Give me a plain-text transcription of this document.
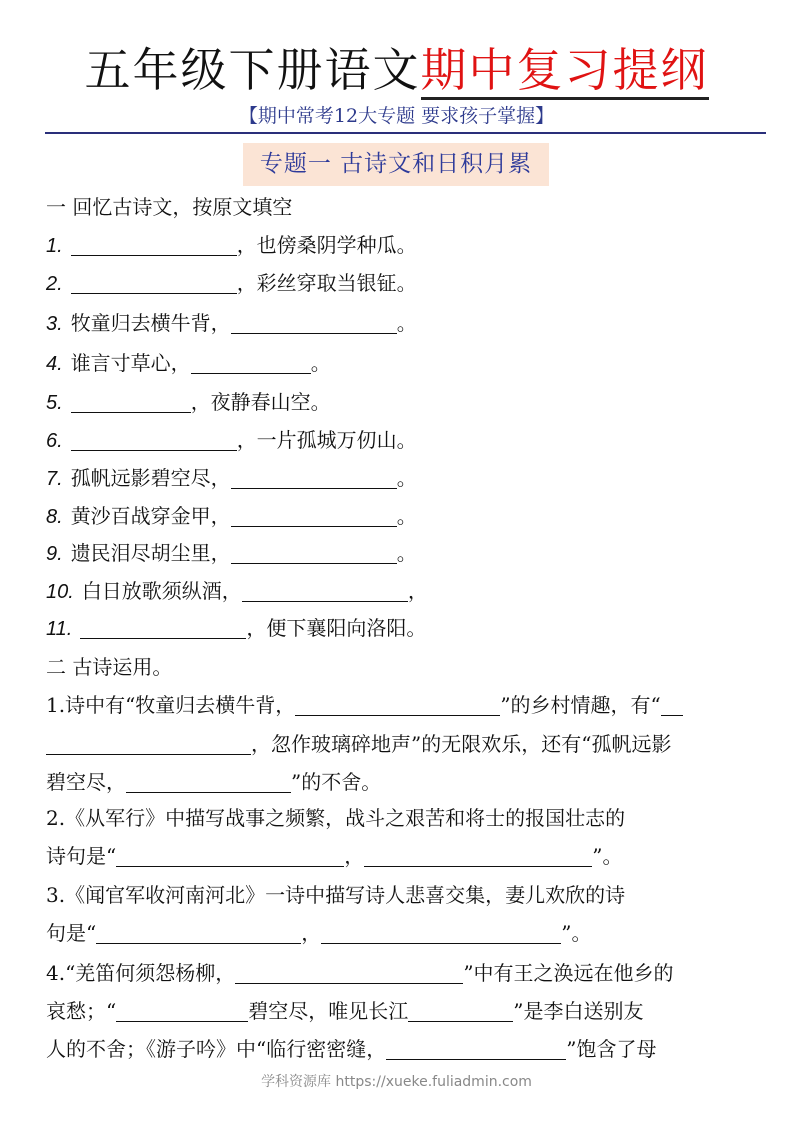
五年级下册语文期中复习提纲
【期中常考12大专题 要求孩子掌握】
专题一 古诗文和日积月累
一 回忆古诗文，按原文填空
1.	，也傍桑阴学种瓜。
2.	，彩丝穿取当银钲。
3. 牧童归去横牛背，	。
4. 谁言寸草心，	。
5.	，夜静春山空。
6.	，一片孤城万仞山。
7. 孤帆远影碧空尽，	。
8. 黄沙百战穿金甲，	。
9. 遗民泪尽胡尘里，	。
10. 白日放歌须纵酒，	，
11.	，便下襄阳向洛阳。
二 古诗运用。
1.诗中有“牧童归去横牛背，	”的乡村情趣，有“
，忽作玻璃碎地声”的无限欢乐，还有“孤帆远影
碧空尽，	”的不舍。
2.《从军行》中描写战事之频繁，战斗之艰苦和将士的报国壮志的
诗句是“	，	”。
3.《闻官军收河南河北》一诗中描写诗人悲喜交集，妻儿欢欣的诗
句是“	，	”。
4.“羌笛何须怨杨柳，	”中有王之涣远在他乡的
哀愁；“	碧空尽，唯见长江	”是李白送别友
人的不舍；《游子吟》中“临行密密缝，	”饱含了母
学科资源库 https://xueke.fuliadmin.com
